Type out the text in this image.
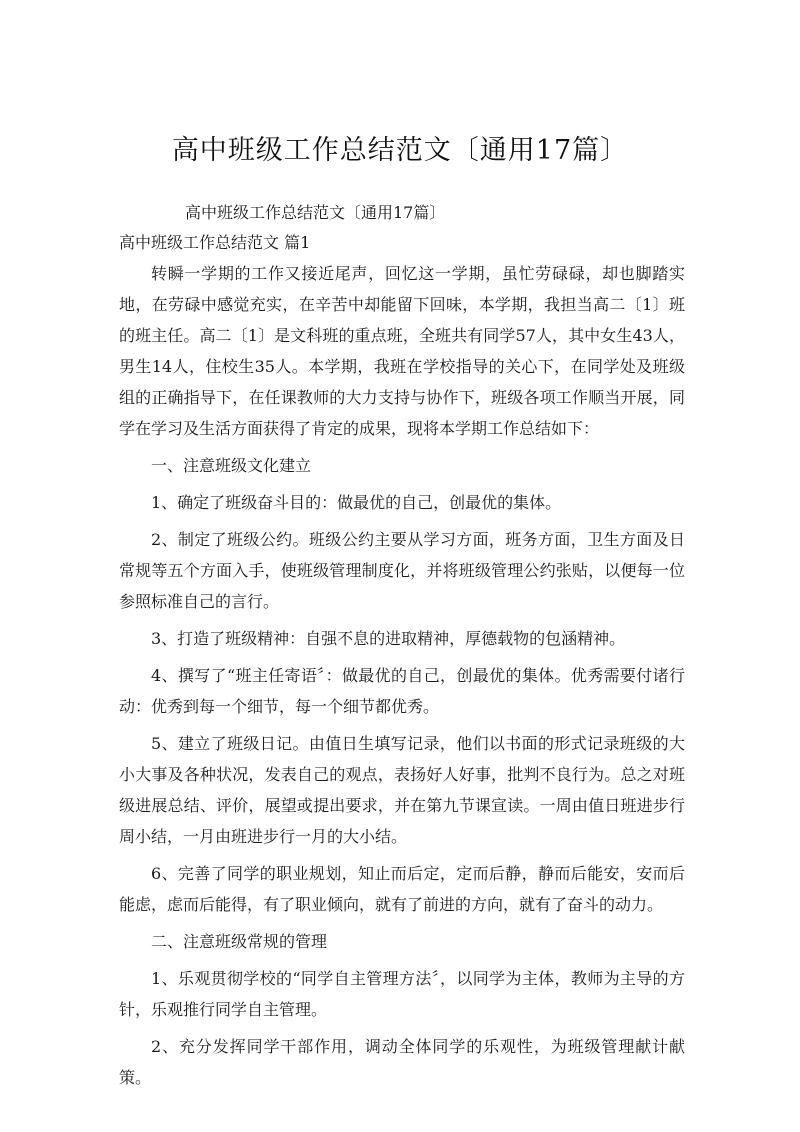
高中班级工作总结范文〔通用17篇〕
高中班级工作总结范文〔通用17篇〕
高中班级工作总结范文 篇1

转瞬一学期的工作又接近尾声，回忆这一学期，虽忙劳碌碌，却也脚踏实地，在劳碌中感觉充实，在辛苦中却能留下回味，本学期，我担当高二〔1〕班的班主任。高二〔1〕是文科班的重点班，全班共有同学57人，其中女生43人，男生14人，住校生35人。本学期，我班在学校指导的关心下，在同学处及班级组的正确指导下，在任课教师的大力支持与协作下，班级各项工作顺当开展，同学在学习及生活方面获得了肯定的成果，现将本学期工作总结如下：

一、注意班级文化建立

1、确定了班级奋斗目的：做最优的自己，创最优的集体。

2、制定了班级公约。班级公约主要从学习方面，班务方面，卫生方面及日常规等五个方面入手，使班级管理制度化，并将班级管理公约张贴，以便每一位参照标准自己的言行。

3、打造了班级精神：自强不息的进取精神，厚德载物的包涵精神。

4、撰写了“班主任寄语〞：做最优的自己，创最优的集体。优秀需要付诸行动：优秀到每一个细节，每一个细节都优秀。

5、建立了班级日记。由值日生填写记录，他们以书面的形式记录班级的大小大事及各种状况，发表自己的观点，表扬好人好事，批判不良行为。总之对班级进展总结、评价，展望或提出要求，并在第九节课宣读。一周由值日班进步行周小结，一月由班进步行一月的大小结。

6、完善了同学的职业规划，知止而后定，定而后静，静而后能安，安而后能虑，虑而后能得，有了职业倾向，就有了前进的方向，就有了奋斗的动力。

二、注意班级常规的管理

1、乐观贯彻学校的“同学自主管理方法〞，以同学为主体，教师为主导的方针，乐观推行同学自主管理。

2、充分发挥同学干部作用，调动全体同学的乐观性，为班级管理献计献策。
